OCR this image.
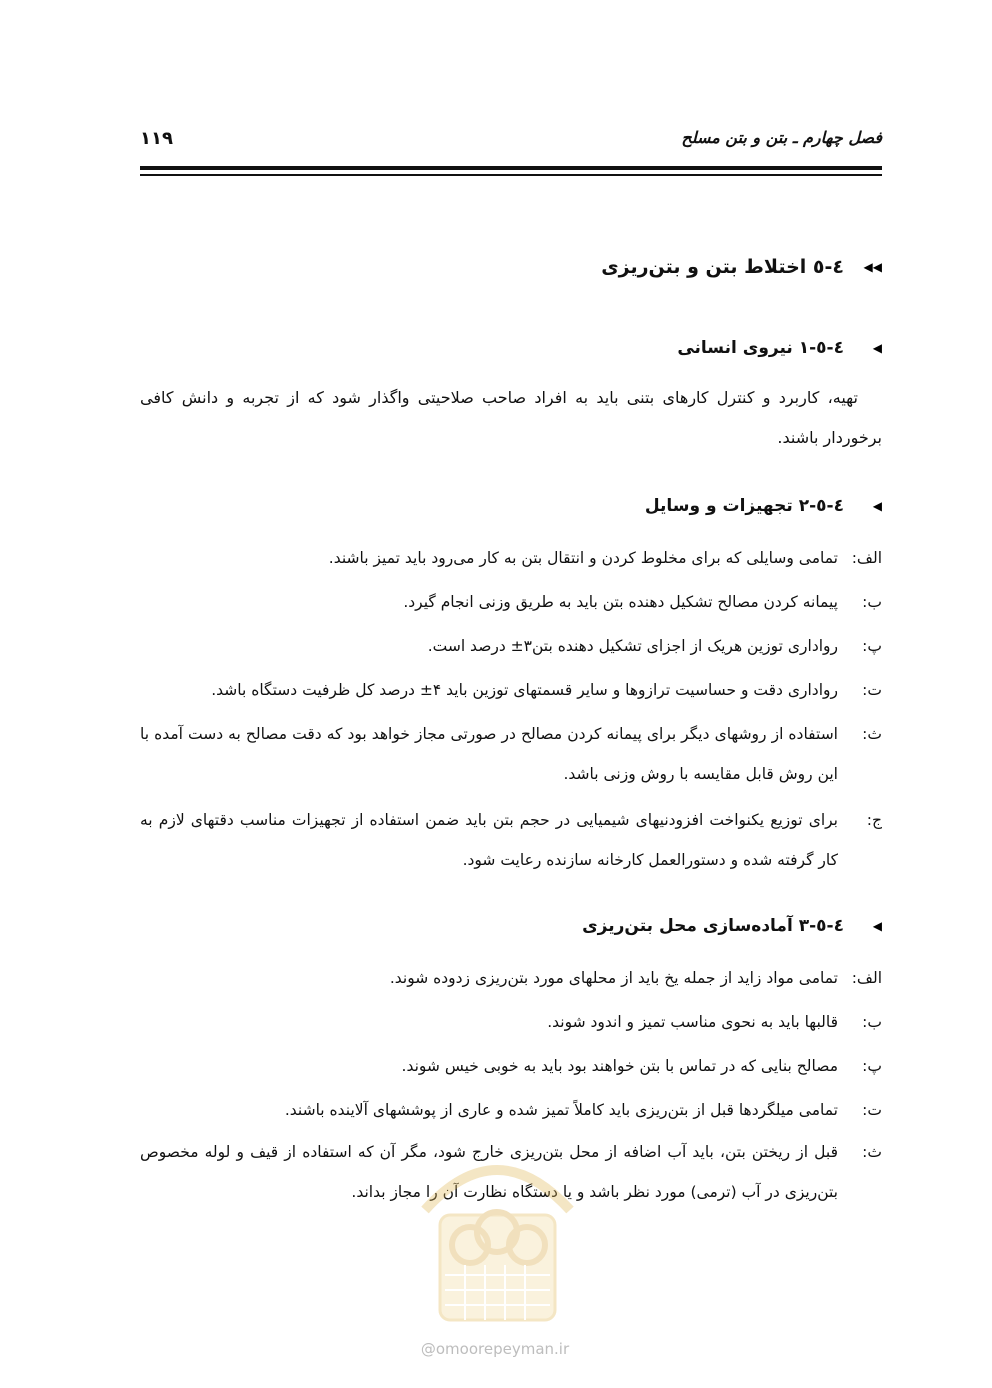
فصل چهارم ـ بتن و بتن مسلح
۱۱۹
◀◀
٤-٥ اختلاط بتن و بتن‌ریزی
◀
٤-٥-١ نیروی انسانی
تهیه، کاربرد و کنترل کارهای بتنی باید به افراد صاحب صلاحیتی واگذار شود که از تجربه و دانش کافی برخوردار باشند.
◀
٤-٥-٢ تجهیزات و وسایل
الف:
تمامی وسایلی که برای مخلوط کردن و انتقال بتن به کار می‌رود باید تمیز باشند.
ب:
پیمانه کردن مصالح تشکیل دهنده بتن باید به طریق وزنی انجام گیرد.
پ:
رواداری توزین هریک از اجزای تشکیل دهنده بتن۳± درصد است.
ت:
رواداری دقت و حساسیت ترازوها و سایر قسمتهای توزین باید ۴± درصد کل ظرفیت دستگاه باشد.
ث:
استفاده از روشهای دیگر برای پیمانه کردن مصالح در صورتی مجاز خواهد بود که دقت مصالح به دست آمده با این روش قابل مقایسه با روش وزنی باشد.
ج:
برای توزیع یکنواخت افزودنیهای شیمیایی در حجم بتن باید ضمن استفاده از تجهیزات مناسب دقتهای لازم به کار گرفته شده و دستورالعمل کارخانه سازنده رعایت شود.
◀
٤-٥-٣ آماده‌سازی محل بتن‌ریزی
الف:
تمامی مواد زاید از جمله یخ باید از محلهای مورد بتن‌ریزی زدوده شوند.
ب:
قالبها باید به نحوی مناسب تمیز و اندود شوند.
پ:
مصالح بنایی که در تماس با بتن خواهند بود باید به خوبی خیس شوند.
ت:
تمامی میلگردها قبل از بتن‌ریزی باید کاملاً تمیز شده و عاری از پوششهای آلاینده باشند.
ث:
قبل از ریختن بتن، باید آب اضافه از محل بتن‌ریزی خارج شود، مگر آن که استفاده از قیف و لوله مخصوص بتن‌ریزی در آب (ترمی) مورد نظر باشد و یا دستگاه نظارت آن را مجاز بداند.
@omoorepeyman.ir
